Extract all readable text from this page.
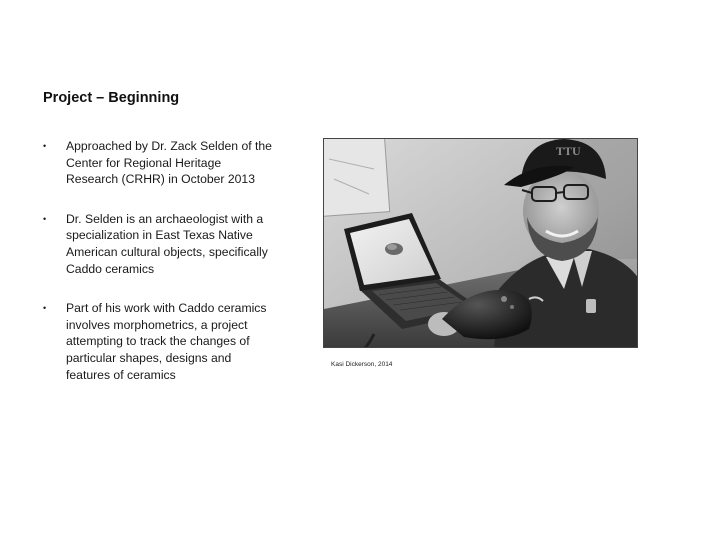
Project – Beginning
• Approached by Dr. Zack Selden of the Center for Regional Heritage Research (CRHR) in October 2013
• Dr. Selden is an archaeologist with a specialization in East Texas Native American cultural objects, specifically Caddo ceramics
• Part of his work with Caddo ceramics involves morphometrics, a project attempting to track the changes of particular shapes, designs and features of ceramics
TTU
Kasi Dickerson, 2014
